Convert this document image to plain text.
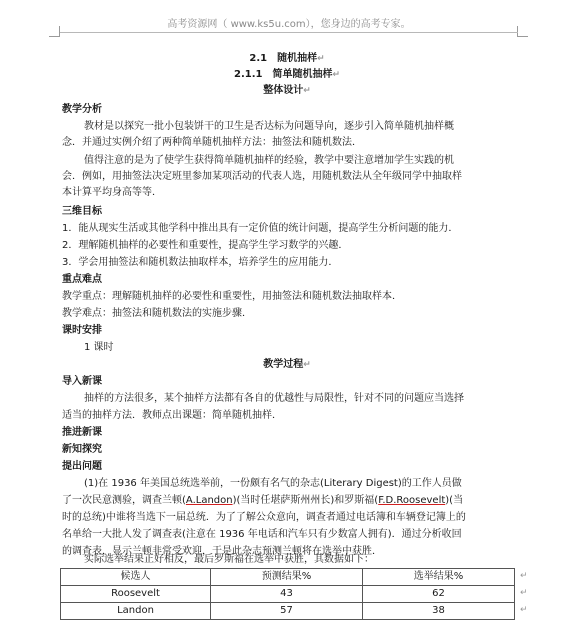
高考资源网（ www.ks5u.com），您身边的高考专家。
2.1　随机抽样↵
2.1.1　简单随机抽样↵
整体设计↵
教学分析
教材是以探究一批小包装饼干的卫生是否达标为问题导向，逐步引入简单随机抽样概
念．并通过实例介绍了两种简单随机抽样方法：抽签法和随机数法．
值得注意的是为了使学生获得简单随机抽样的经验，教学中要注意增加学生实践的机
会．例如，用抽签法决定班里参加某项活动的代表人选，用随机数法从全年级同学中抽取样
本计算平均身高等等．
三维目标
1．能从现实生活或其他学科中推出具有一定价值的统计问题，提高学生分析问题的能力．
2．理解随机抽样的必要性和重要性，提高学生学习数学的兴趣．
3．学会用抽签法和随机数法抽取样本，培养学生的应用能力．
重点难点
教学重点：理解随机抽样的必要性和重要性，用抽签法和随机数法抽取样本．
教学难点：抽签法和随机数法的实施步骤．
课时安排
1 课时
教学过程↵
导入新课
抽样的方法很多，某个抽样方法都有各自的优越性与局限性，针对不同的问题应当选择
适当的抽样方法．教师点出课题：简单随机抽样．
推进新课
新知探究
提出问题
(1)在 1936 年美国总统选举前，一份颇有名气的杂志(Literary Digest)的工作人员做
了一次民意测验，调查兰顿(A.Landon)(当时任堪萨斯州州长)和罗斯福(F.D.Roosevelt)(当
时的总统)中谁将当选下一届总统．为了了解公众意向，调查者通过电话簿和车辆登记簿上的
名单给一大批人发了调查表(注意在 1936 年电话和汽车只有少数富人拥有)．通过分析收回
的调查表，显示兰顿非常受欢迎，于是此杂志预测兰顿将在选举中获胜．
实际选举结果正好相反，最后罗斯福在选举中获胜，其数据如下：
候选人	预测结果%	选举结果%
Roosevelt	43	62
Landon	57	38
↵
↵
↵
